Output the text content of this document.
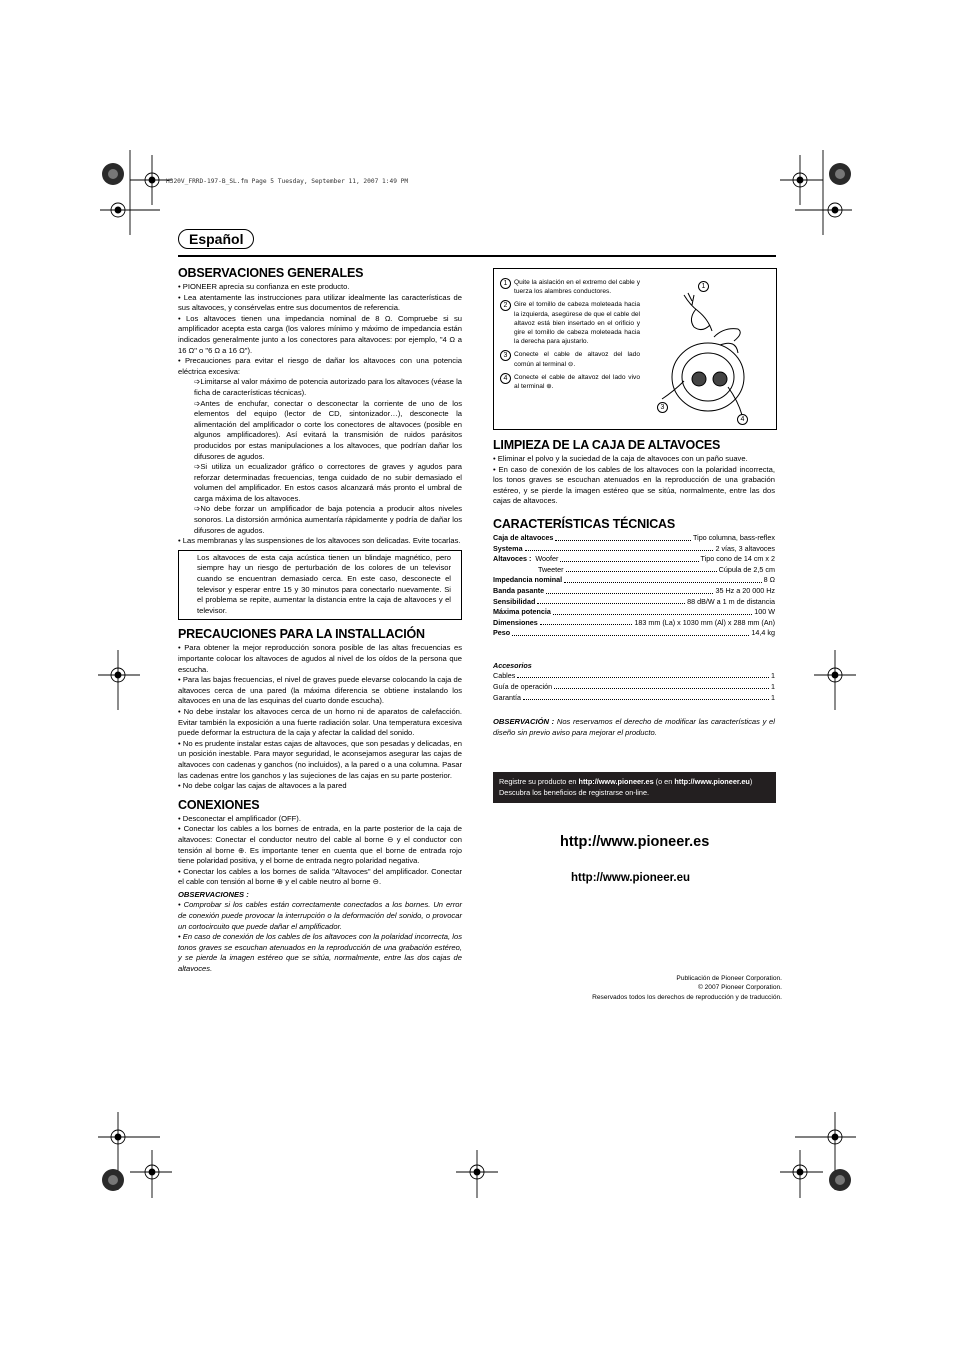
H320V_FRRD-197-B_SL.fm Page 5 Tuesday, September 11, 2007 1:49 PM
Español
OBSERVACIONES GENERALES

• PIONEER aprecia su confianza en este producto.

• Lea atentamente las instrucciones para utilizar idealmente las características de sus altavoces, y consérvelas entre sus documentos de referencia.

• Los altavoces tienen una impedancia nominal de 8 Ω. Compruebe si su amplificador acepta esta carga (los valores mínimo y máximo de impedancia están indicados generalmente junto a los conectores para altavoces: por ejemplo, "4 Ω a 16 Ω" o "6 Ω a 16 Ω").

• Precauciones para evitar el riesgo de dañar los altavoces con una potencia eléctrica excesiva:

➩Limitarse al valor máximo de potencia autorizado para los altavoces (véase la ficha de características técnicas).

➩Antes de enchufar, conectar o desconectar la corriente de uno de los elementos del equipo (lector de CD, sintonizador…), desconecte la alimentación del amplificador o corte los conectores de altavoces (posible en algunos amplificadores). Así evitará la transmisión de ruidos parásitos producidos por estas manipulaciones a los altavoces, que podrían dañar los difusores de agudos.

➩Si utiliza un ecualizador gráfico o correctores de graves y agudos para reforzar determinadas frecuencias, tenga cuidado de no subir demasiado el volumen del amplificador. En estos casos alcanzará más pronto el umbral de carga máxima de los altavoces.

➩No debe forzar un amplificador de baja potencia a producir altos niveles sonoros. La distorsión armónica aumentaría rápidamente y podría de dañar los difusores de agudos.

• Las membranas y las suspensiones de los altavoces son delicadas. Evite tocarlas.

Los altavoces de esta caja acústica tienen un blindaje magnético, pero siempre hay un riesgo de perturbación de los colores de un televisor cuando se encuentran demasiado cerca. En este caso, desconecte el televisor y esperar entre 15 y 30 minutos para conectarlo nuevamente. Si el problema se repite, aumentar la distancia entre la caja de altavoces y el televisor.

PRECAUCIONES PARA LA INSTALLACIÓN

• Para obtener la mejor reproducción sonora posible de las altas frecuencias es importante colocar los altavoces de agudos al nivel de los oídos de la persona que escucha.

• Para las bajas frecuencias, el nivel de graves puede elevarse colocando la caja de altavoces cerca de una pared (la máxima diferencia se obtiene instalando los altavoces en una de las esquinas del cuarto donde escucha).

• No debe instalar los altavoces cerca de un horno ni de aparatos de calefacción. Evitar también la exposición a una fuerte radiación solar. Una temperatura excesiva puede deformar la estructura de la caja y afectar la calidad del sonido.

• No es prudente instalar estas cajas de altavoces, que son pesadas y delicadas, en un posición inestable. Para mayor seguridad, le aconsejamos asegurar las cajas de altavoces con cadenas y ganchos (no incluidos), a la pared o a una columna. Pasar las cadenas entre los ganchos y las sujeciones de las cajas en su parte posterior.

• No debe colgar las cajas de altavoces a la pared

CONEXIONES

• Desconectar el amplificador (OFF).

• Conectar los cables a los bornes de entrada, en la parte posterior de la caja de altavoces: Conectar el conductor neutro del cable al borne ⊖ y el conductor con tensión al borne ⊕. Es importante tener en cuenta que el borne de entrada rojo tiene polaridad positiva, y el borne de entrada negro polaridad negativa.

• Conectar los cables a los bornes de salida "Altavoces" del amplificador. Conectar el cable con tensión al borne ⊕ y el cable neutro al borne ⊖.

OBSERVACIONES :

• Comprobar si los cables están correctamente conectados a los bornes. Un error de conexión puede provocar la interrupción o la deformación del sonido, o provocar un cortocircuito que puede dañar el amplificador.

• En caso de conexión de los cables de los altavoces con la polaridad incorrecta, los tonos graves se escuchan atenuados en la reproducción de una grabación estéreo, y se pierde la imagen estéreo que se sitúa, normalmente, entre las dos cajas de altavoces.

1 Quite la aislación en el extremo del cable y tuerza los alambres conductores.
2 Gire el tornillo de cabeza moleteada hacia la izquierda, asegúrese de que el cable del altavoz está bien insertado en el orificio y gire el tornillo de cabeza moleteada hacia la derecha para ajustarlo.
3 Conecte el cable de altavoz del lado común al terminal ⊖.
4 Conecte el cable de altavoz del lado vivo al terminal ⊕.
1
3
4
LIMPIEZA DE LA CAJA DE ALTAVOCES

• Eliminar el polvo y la suciedad de la caja de altavoces con un paño suave.

• En caso de conexión de los cables de los altavoces con la polaridad incorrecta, los tonos graves se escuchan atenuados en la reproducción de una grabación estéreo, y se pierde la imagen estéreo que se sitúa, normalmente, entre las dos cajas de altavoces.

CARACTERÍSTICAS TÉCNICAS
Caja de altavoces	Tipo columna, bass-reflex
Systema	2 vías, 3 altavoces
Altavoces :
Woofer	Tipo cono de 14 cm x 2
Tweeter	Cúpula de 2,5 cm
Impedancia nominal	8 Ω
Banda pasante	35 Hz a 20 000 Hz
Sensibilidad	88 dB/W a 1 m de distancia
Máxima potencia	100 W
Dimensiones	183 mm (La) x 1030 mm (Al) x 288 mm (An)
Peso	14,4 kg
Accesorios
Cables	1
Guía de operación	1
Garantía	1

OBSERVACIÓN : Nos reservamos el derecho de modificar las características y el diseño sin previo aviso para mejorar el producto.

Registre su producto en http://www.pioneer.es (o en http://www.pioneer.eu)
Descubra los beneficios de registrarse on-line.
http://www.pioneer.es
http://www.pioneer.eu
Publicación de Pioneer Corporation.
© 2007 Pioneer Corporation.
Reservados todos los derechos de reproducción y de traducción.
